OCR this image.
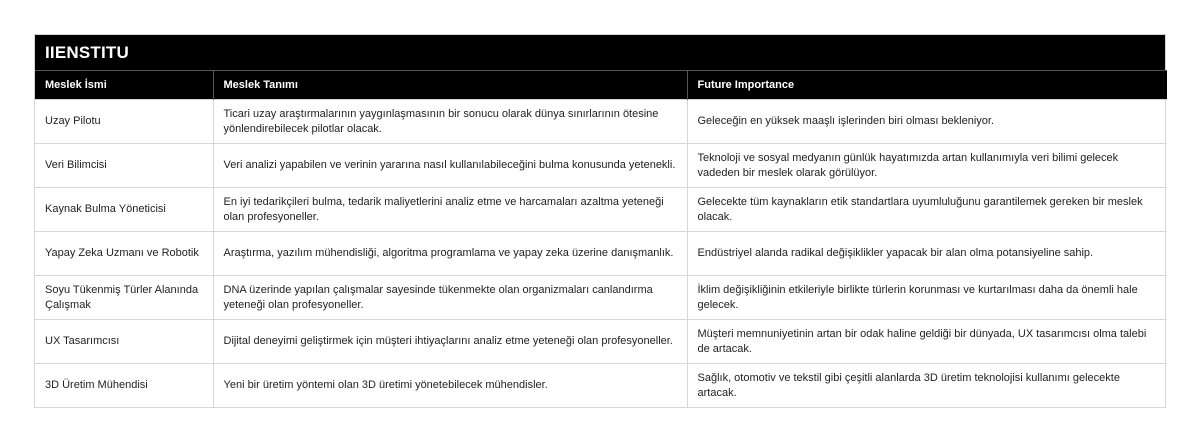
IIENSTITU
Meslek İsmi	Meslek Tanımı	Future Importance
Uzay Pilotu	Ticari uzay araştırmalarının yaygınlaşmasının bir sonucu olarak dünya sınırlarının ötesine yönlendirebilecek pilotlar olacak.	Geleceğin en yüksek maaşlı işlerinden biri olması bekleniyor.
Veri Bilimcisi	Veri analizi yapabilen ve verinin yararına nasıl kullanılabileceğini bulma konusunda yetenekli.	Teknoloji ve sosyal medyanın günlük hayatımızda artan kullanımıyla veri bilimi gelecek vadeden bir meslek olarak görülüyor.
Kaynak Bulma Yöneticisi	En iyi tedarikçileri bulma, tedarik maliyetlerini analiz etme ve harcamaları azaltma yeteneği olan profesyoneller.	Gelecekte tüm kaynakların etik standartlara uyumluluğunu garantilemek gereken bir meslek olacak.
Yapay Zeka Uzmanı ve Robotik	Araştırma, yazılım mühendisliği, algoritma programlama ve yapay zeka üzerine danışmanlık.	Endüstriyel alanda radikal değişiklikler yapacak bir alan olma potansiyeline sahip.
Soyu Tükenmiş Türler Alanında Çalışmak	DNA üzerinde yapılan çalışmalar sayesinde tükenmekte olan organizmaları canlandırma yeteneği olan profesyoneller.	İklim değişikliğinin etkileriyle birlikte türlerin korunması ve kurtarılması daha da önemli hale gelecek.
UX Tasarımcısı	Dijital deneyimi geliştirmek için müşteri ihtiyaçlarını analiz etme yeteneği olan profesyoneller.	Müşteri memnuniyetinin artan bir odak haline geldiği bir dünyada, UX tasarımcısı olma talebi de artacak.
3D Üretim Mühendisi	Yeni bir üretim yöntemi olan 3D üretimi yönetebilecek mühendisler.	Sağlık, otomotiv ve tekstil gibi çeşitli alanlarda 3D üretim teknolojisi kullanımı gelecekte artacak.
